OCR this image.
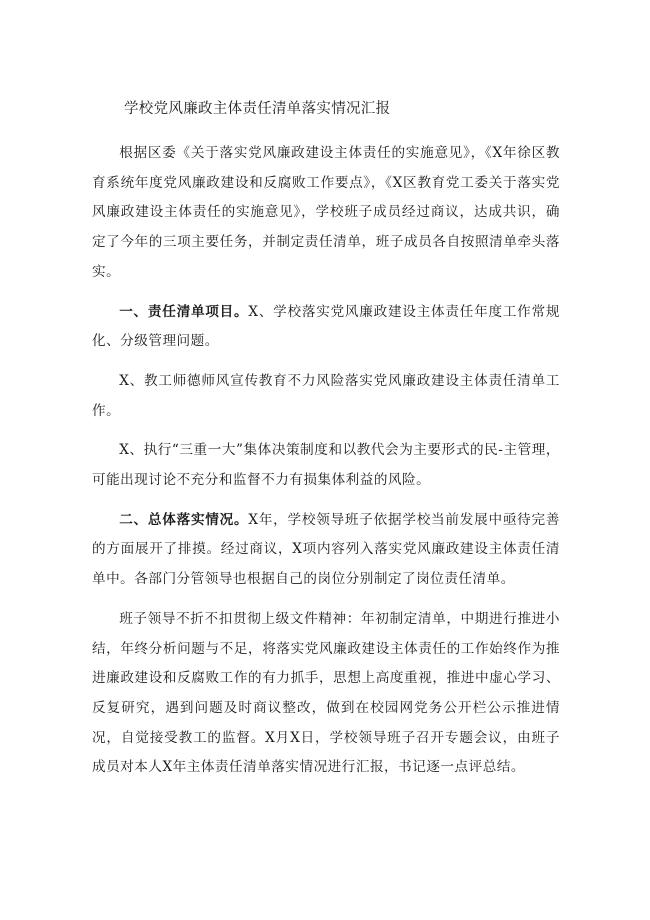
学校党风廉政主体责任清单落实情况汇报

根据区委《关于落实党风廉政建设主体责任的实施意见》，《X年徐区教育系统年度党风廉政建设和反腐败工作要点》，《X区教育党工委关于落实党风廉政建设主体责任的实施意见》，学校班子成员经过商议，达成共识，确定了今年的三项主要任务，并制定责任清单，班子成员各自按照清单牵头落实。

一、责任清单项目。X、学校落实党风廉政建设主体责任年度工作常规化、分级管理问题。

X、教工师德师风宣传教育不力风险落实党风廉政建设主体责任清单工作。

X、执行“三重一大”集体决策制度和以教代会为主要形式的民-主管理，可能出现讨论不充分和监督不力有损集体利益的风险。

二、总体落实情况。X年，学校领导班子依据学校当前发展中亟待完善的方面展开了排摸。经过商议，X项内容列入落实党风廉政建设主体责任清单中。各部门分管领导也根据自己的岗位分别制定了岗位责任清单。

班子领导不折不扣贯彻上级文件精神：年初制定清单，中期进行推进小结，年终分析问题与不足，将落实党风廉政建设主体责任的工作始终作为推进廉政建设和反腐败工作的有力抓手，思想上高度重视，推进中虚心学习、反复研究，遇到问题及时商议整改，做到在校园网党务公开栏公示推进情况，自觉接受教工的监督。X月X日，学校领导班子召开专题会议，由班子成员对本人X年主体责任清单落实情况进行汇报，书记逐一点评总结。
